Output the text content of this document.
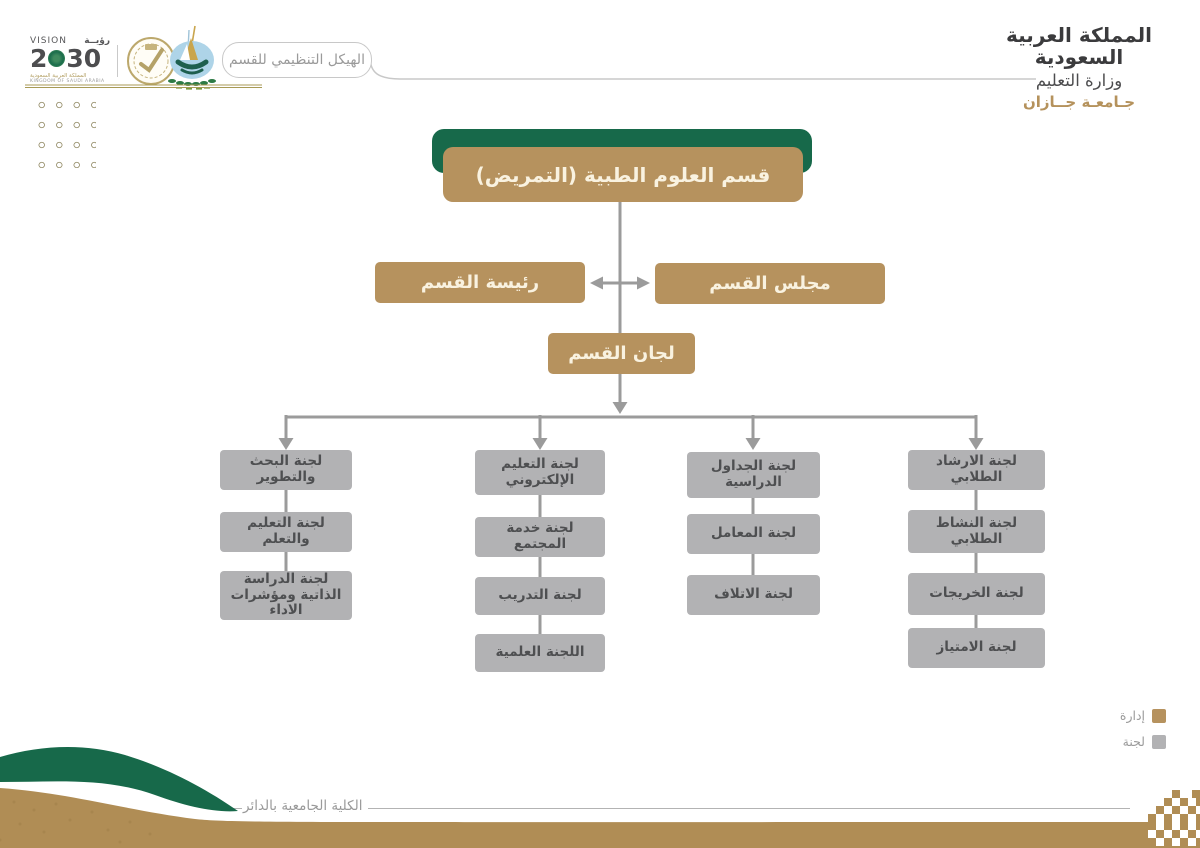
VISION رؤيــة
2 30
المملكة العربية السعودية
KINGDOM OF SAUDI ARABIA
الهيكل التنظيمي للقسم
المملكة العربية السعودية
وزارة التعليم
جـامعـة جــازان
قسم العلوم الطبية (التمريض)
رئيسة القسم	مجلس القسم
لجان القسم
لجنة البحث والتطوير
لجنة التعليم والتعلم
لجنة الدراسة الذاتية ومؤشرات الاداء
لجنة التعليم الإلكتروني
لجنة خدمة المجتمع
لجنة التدريب
اللجنة العلمية
لجنة الجداول الدراسية
لجنة المعامل
لجنة الاتلاف
لجنة الارشاد الطلابي
لجنة النشاط الطلابي
لجنة الخريجات
لجنة الامتياز
إدارة
لجنة
الكلية الجامعية بالدائر
